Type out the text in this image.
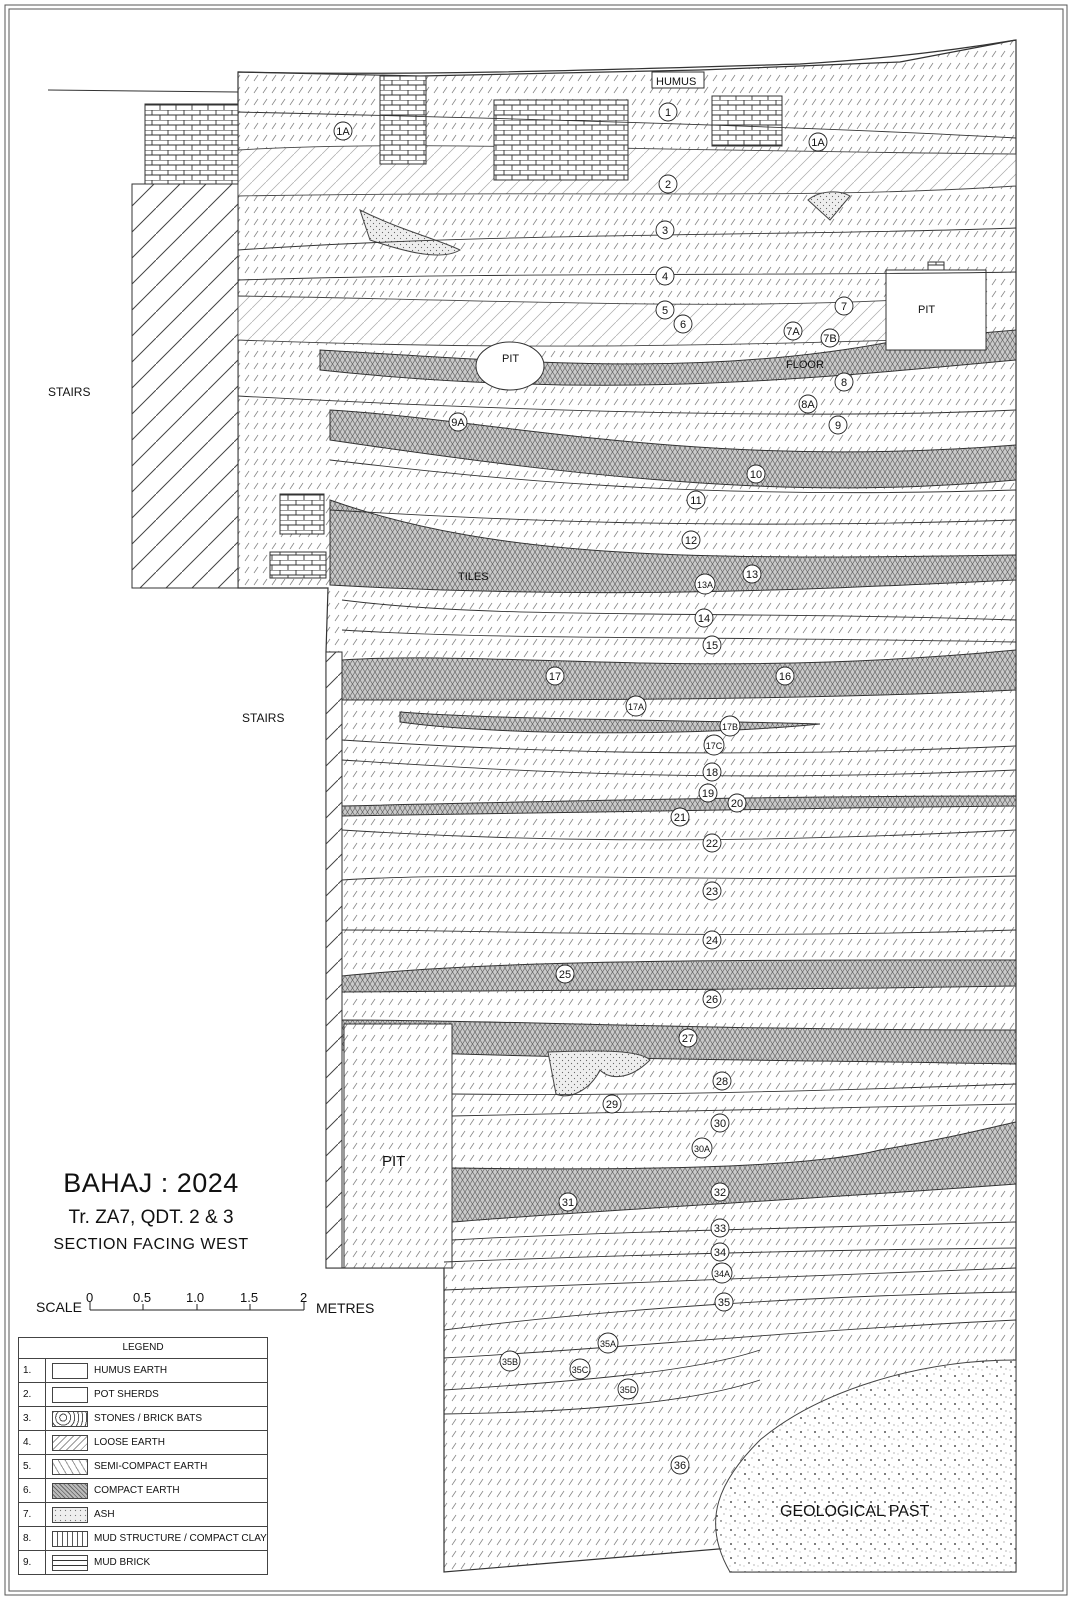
STAIRS
STAIRS
HUMUS
PIT
PIT
PIT
FLOOR
TILES
GEOLOGICAL PAST
1
1A
1A
2
3
4
5
6
7
7A
7B
8
8A
9
9A
10
11
12
13
13A
14
15
16
17
17A
17B
17C
18
19
20
21
22
23
24
25
26
27
28
29
30
30A
31
32
33
34
34A
35
35A
35B
35C
35D
36
BAHAJ : 2024
Tr. ZA7, QDT. 2 & 3
SECTION FACING WEST
SCALE
0	0.5	1.0	1.5	2
METRES
LEGEND
1.	HUMUS EARTH
2.	POT SHERDS
3.	STONES / BRICK BATS
4.	LOOSE EARTH
5.	SEMI-COMPACT EARTH
6.	COMPACT EARTH
7.	ASH
8.	MUD STRUCTURE / COMPACT CLAY
9.	MUD BRICK
